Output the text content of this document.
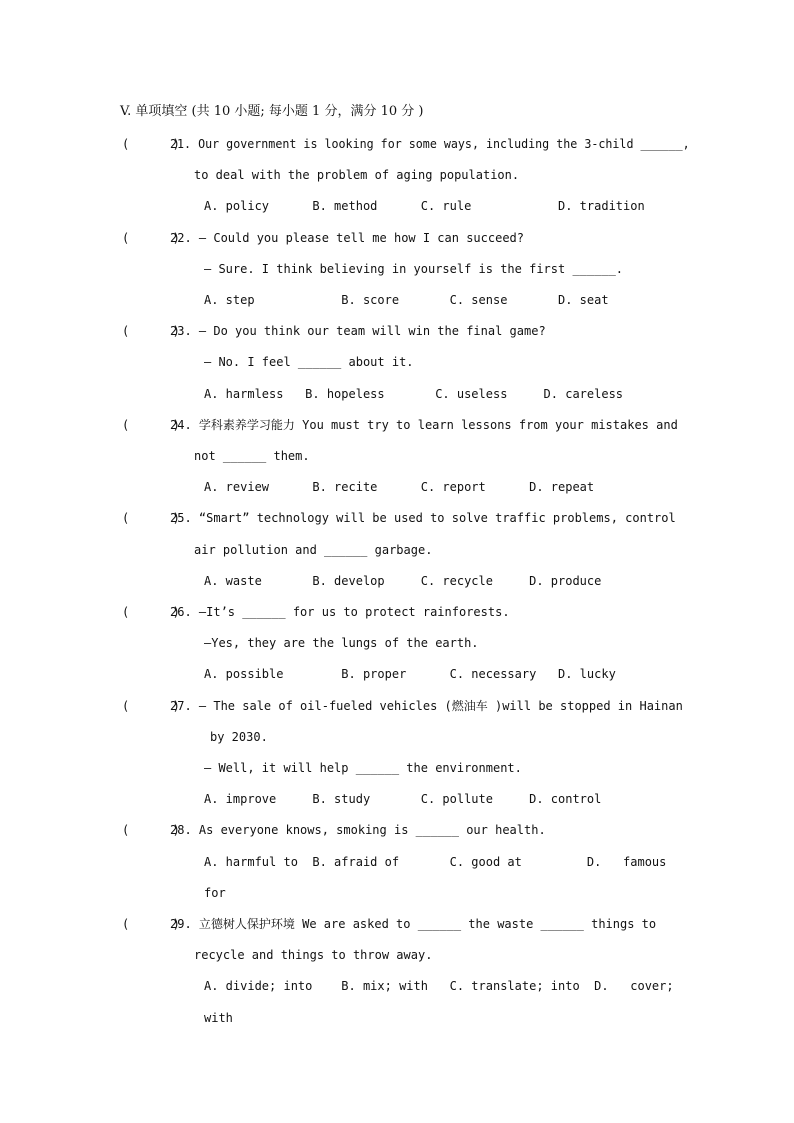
V. 单项填空 (共 10 小题; 每小题 1 分，满分 10 分 )
(      )
21. Our government is looking for some ways, including the 3-child ______,
to deal with the problem of aging population.
A. policy      B. method      C. rule            D. tradition
(      )
22. — Could you please tell me how I can succeed?
— Sure. I think believing in yourself is the first ______.
A. step            B. score       C. sense       D. seat
(      )
23. — Do you think our team will win the final game?
— No. I feel ______ about it.
A. harmless   B. hopeless       C. useless     D. careless
(      )
24. 学科素养学习能力 You must try to learn lessons from your mistakes and
not ______ them.
A. review      B. recite      C. report      D. repeat
(      )
25. “Smart” technology will be used to solve traffic problems, control
air pollution and ______ garbage.
A. waste       B. develop     C. recycle     D. produce
(      )
26. —It’s ______ for us to protect rainforests.
—Yes, they are the lungs of the earth.
A. possible        B. proper      C. necessary   D. lucky
(      )
27. — The sale of oil-fueled vehicles (燃油车 )will be stopped in Hainan
by 2030.
— Well, it will help ______ the environment.
A. improve     B. study       C. pollute     D. control
(      )
28. As everyone knows, smoking is ______ our health.
A. harmful to  B. afraid of       C. good at         D.   famous
for
(      )
29. 立德树人保护环境 We are asked to ______ the waste ______ things to
recycle and things to throw away.
A. divide; into    B. mix; with   C. translate; into  D.   cover;
with
